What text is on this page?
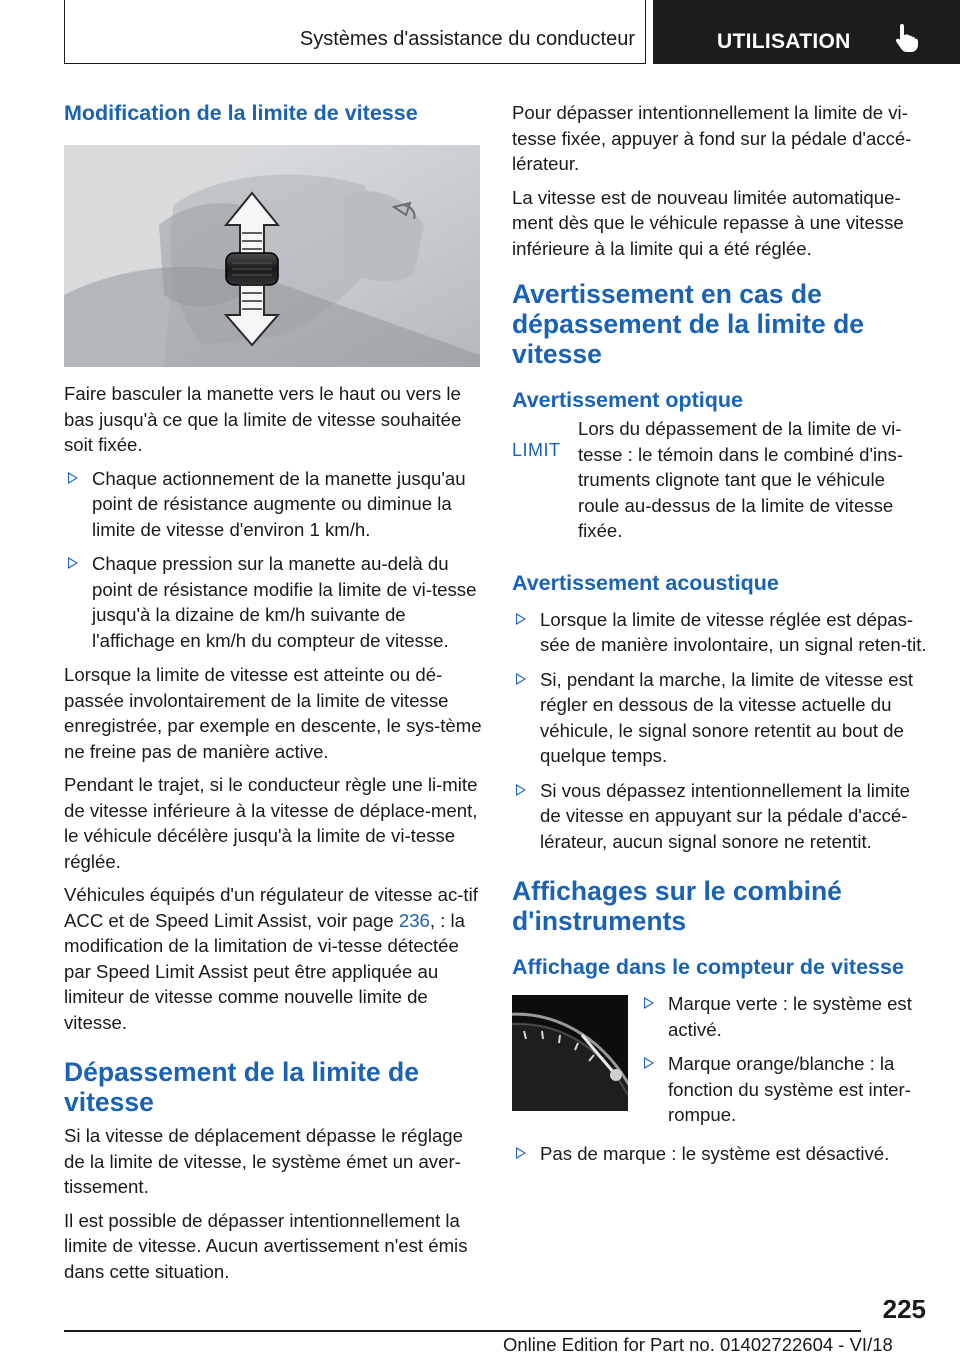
Systèmes d'assistance du conducteur	UTILISATION
Modification de la limite de vitesse

Faire basculer la manette vers le haut ou vers le bas jusqu'à ce que la limite de vitesse souhaitée soit fixée.

Chaque actionnement de la manette jusqu'au point de résistance augmente ou diminue la limite de vitesse d'environ 1 km/h.

Chaque pression sur la manette au-delà du point de résistance modifie la limite de vi-tesse jusqu'à la dizaine de km/h suivante de l'affichage en km/h du compteur de vitesse.

Lorsque la limite de vitesse est atteinte ou dé-passée involontairement de la limite de vitesse enregistrée, par exemple en descente, le sys-tème ne freine pas de manière active.

Pendant le trajet, si le conducteur règle une li-mite de vitesse inférieure à la vitesse de déplace-ment, le véhicule décélère jusqu'à la limite de vi-tesse réglée.

Véhicules équipés d'un régulateur de vitesse ac-tif ACC et de Speed Limit Assist, voir page 236, : la modification de la limitation de vi-tesse détectée par Speed Limit Assist peut être appliquée au limiteur de vitesse comme nouvelle limite de vitesse.

Dépassement de la limite de vitesse

Si la vitesse de déplacement dépasse le réglage de la limite de vitesse, le système émet un aver-tissement.

Il est possible de dépasser intentionnellement la limite de vitesse. Aucun avertissement n'est émis dans cette situation.

Pour dépasser intentionnellement la limite de vi-tesse fixée, appuyer à fond sur la pédale d'accé-lérateur.

La vitesse est de nouveau limitée automatique-ment dès que le véhicule repasse à une vitesse inférieure à la limite qui a été réglée.

Avertissement en cas de dépassement de la limite de vitesse
Avertissement optique
LIMIT

Lors du dépassement de la limite de vi-tesse : le témoin dans le combiné d'ins-truments clignote tant que le véhicule roule au-dessus de la limite de vitesse fixée.

Avertissement acoustique

Lorsque la limite de vitesse réglée est dépas-sée de manière involontaire, un signal reten-tit.

Si, pendant la marche, la limite de vitesse est régler en dessous de la vitesse actuelle du véhicule, le signal sonore retentit au bout de quelque temps.

Si vous dépassez intentionnellement la limite de vitesse en appuyant sur la pédale d'accé-lérateur, aucun signal sonore ne retentit.

Affichages sur le combiné d'instruments
Affichage dans le compteur de vitesse

Marque verte : le système est activé.

Marque orange/blanche : la fonction du système est inter-rompue.

Pas de marque : le système est désactivé.

225
Online Edition for Part no. 01402722604 - VI/18
